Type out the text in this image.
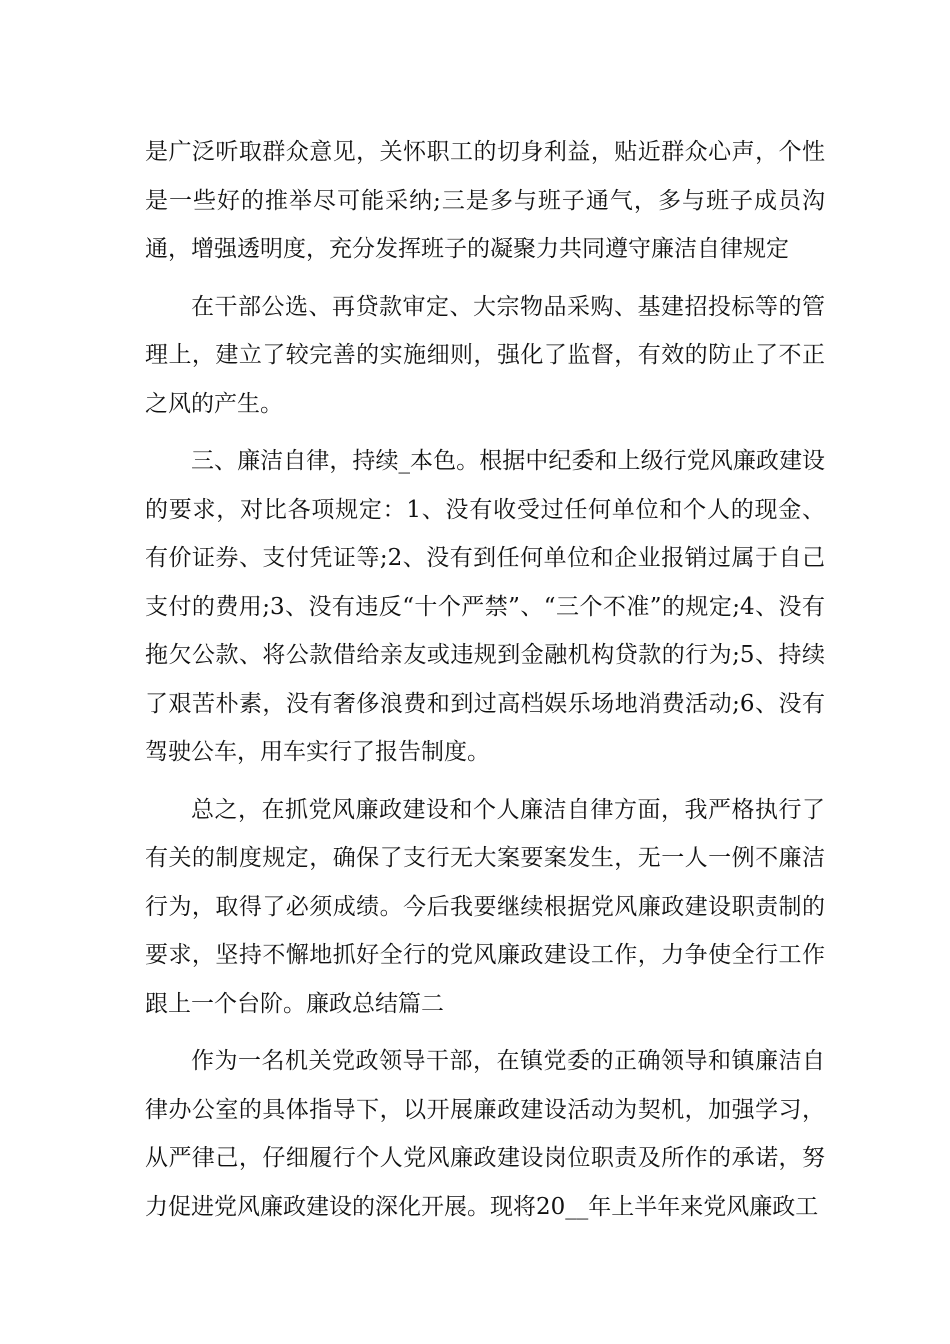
是广泛听取群众意见，关怀职工的切身利益，贴近群众心声，个性是一些好的推举尽可能采纳;三是多与班子通气，多与班子成员沟通，增强透明度，充分发挥班子的凝聚力共同遵守廉洁自律规定

在干部公选、再贷款审定、大宗物品采购、基建招投标等的管理上，建立了较完善的实施细则，强化了监督，有效的防止了不正之风的产生。

三、廉洁自律，持续_本色。根据中纪委和上级行党风廉政建设的要求，对比各项规定：1、没有收受过任何单位和个人的现金、有价证券、支付凭证等;2、没有到任何单位和企业报销过属于自己支付的费用;3、没有违反“十个严禁”、“三个不准”的规定;4、没有拖欠公款、将公款借给亲友或违规到金融机构贷款的行为;5、持续了艰苦朴素，没有奢侈浪费和到过高档娱乐场地消费活动;6、没有驾驶公车，用车实行了报告制度。

总之，在抓党风廉政建设和个人廉洁自律方面，我严格执行了有关的制度规定，确保了支行无大案要案发生，无一人一例不廉洁行为，取得了必须成绩。今后我要继续根据党风廉政建设职责制的要求，坚持不懈地抓好全行的党风廉政建设工作，力争使全行工作跟上一个台阶。廉政总结篇二

作为一名机关党政领导干部，在镇党委的正确领导和镇廉洁自律办公室的具体指导下，以开展廉政建设活动为契机，加强学习，从严律己，仔细履行个人党风廉政建设岗位职责及所作的承诺，努力促进党风廉政建设的深化开展。现将20__年上半年来党风廉政工
